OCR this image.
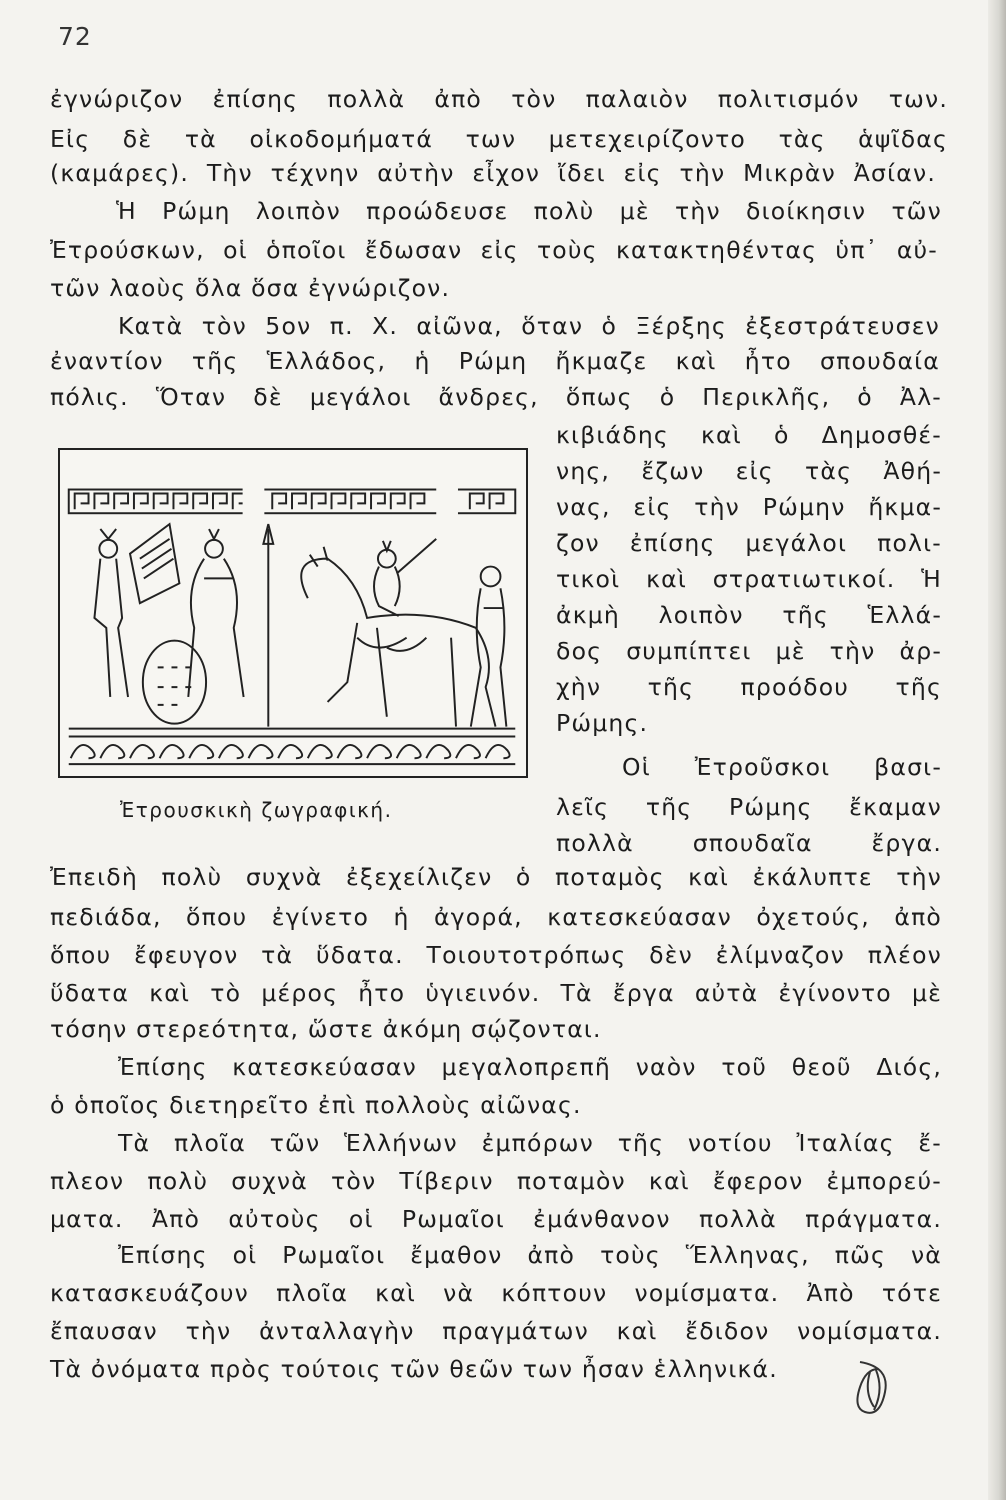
72
ἐγνώριζον ἐπίσης πολλὰ ἀπὸ τὸν παλαιὸν πολιτισμόν των.
Εἰς δὲ τὰ οἰκοδομήματά των μετεχειρίζοντο τὰς ἁψῖδας
(καμάρες). Τὴν τέχνην αὐτὴν εἶχον ἴδει εἰς τὴν Μικρὰν Ἀσίαν.
Ἡ Ρώμη λοιπὸν προώδευσε πολὺ μὲ τὴν διοίκησιν τῶν
Ἐτρούσκων, οἱ ὁποῖοι ἔδωσαν εἰς τοὺς κατακτηθέντας ὑπ᾽ αὐ-
τῶν λαοὺς ὅλα ὅσα ἐγνώριζον.
Κατὰ τὸν 5ον π. Χ. αἰῶνα, ὅταν ὁ Ξέρξης ἐξεστράτευσεν
ἐναντίον τῆς Ἑλλάδος, ἡ Ρώμη ἤκμαζε καὶ ἦτο σπουδαία
πόλις. Ὅταν δὲ μεγάλοι ἄνδρες, ὅπως ὁ Περικλῆς, ὁ Ἀλ-
κιβιάδης καὶ ὁ Δημοσθέ-
νης, ἔζων εἰς τὰς Ἀθή-
νας, εἰς τὴν Ρώμην ἤκμα-
ζον ἐπίσης μεγάλοι πολι-
τικοὶ καὶ στρατιωτικοί. Ἡ
ἀκμὴ λοιπὸν τῆς Ἑλλά-
δος συμπίπτει μὲ τὴν ἀρ-
χὴν τῆς προόδου τῆς
Ρώμης.
Οἱ Ἐτροῦσκοι βασι-
λεῖς τῆς Ρώμης ἔκαμαν
πολλὰ σπουδαῖα ἔργα.
Ἐτρουσκικὴ ζωγραφική.
Ἐπειδὴ πολὺ συχνὰ ἐξεχείλιζεν ὁ ποταμὸς καὶ ἐκάλυπτε τὴν
πεδιάδα, ὅπου ἐγίνετο ἡ ἀγορά, κατεσκεύασαν ὀχετούς, ἀπὸ
ὅπου ἔφευγον τὰ ὕδατα. Τοιουτοτρόπως δὲν ἐλίμναζον πλέον
ὕδατα καὶ τὸ μέρος ἦτο ὑγιεινόν. Τὰ ἔργα αὐτὰ ἐγίνοντο μὲ
τόσην στερεότητα, ὥστε ἀκόμη σῴζονται.
Ἐπίσης κατεσκεύασαν μεγαλοπρεπῆ ναὸν τοῦ θεοῦ Διός,
ὁ ὁποῖος διετηρεῖτο ἐπὶ πολλοὺς αἰῶνας.
Τὰ πλοῖα τῶν Ἑλλήνων ἐμπόρων τῆς νοτίου Ἰταλίας ἔ-
πλεον πολὺ συχνὰ τὸν Τίβεριν ποταμὸν καὶ ἔφερον ἐμπορεύ-
ματα. Ἀπὸ αὐτοὺς οἱ Ρωμαῖοι ἐμάνθανον πολλὰ πράγματα.
Ἐπίσης οἱ Ρωμαῖοι ἔμαθον ἀπὸ τοὺς Ἕλληνας, πῶς νὰ
κατασκευάζουν πλοῖα καὶ νὰ κόπτουν νομίσματα. Ἀπὸ τότε
ἔπαυσαν τὴν ἀνταλλαγὴν πραγμάτων καὶ ἔδιδον νομίσματα.
Τὰ ὀνόματα πρὸς τούτοις τῶν θεῶν των ἦσαν ἑλληνικά.
